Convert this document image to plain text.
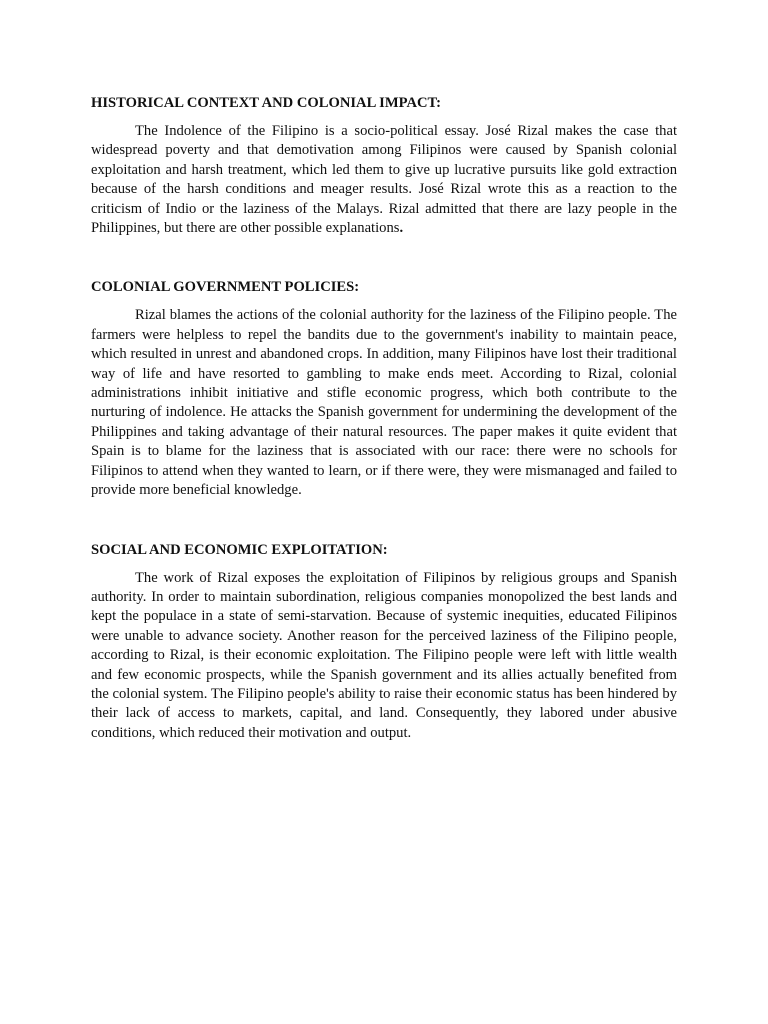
HISTORICAL CONTEXT AND COLONIAL IMPACT:

The Indolence of the Filipino is a socio-political essay. José Rizal makes the case that widespread poverty and that demotivation among Filipinos were caused by Spanish colonial exploitation and harsh treatment, which led them to give up lucrative pursuits like gold extraction because of the harsh conditions and meager results. José Rizal wrote this as a reaction to the criticism of Indio or the laziness of the Malays. Rizal admitted that there are lazy people in the Philippines, but there are other possible explanations.

COLONIAL GOVERNMENT POLICIES:

Rizal blames the actions of the colonial authority for the laziness of the Filipino people. The farmers were helpless to repel the bandits due to the government's inability to maintain peace, which resulted in unrest and abandoned crops. In addition, many Filipinos have lost their traditional way of life and have resorted to gambling to make ends meet. According to Rizal, colonial administrations inhibit initiative and stifle economic progress, which both contribute to the nurturing of indolence. He attacks the Spanish government for undermining the development of the Philippines and taking advantage of their natural resources. The paper makes it quite evident that Spain is to blame for the laziness that is associated with our race: there were no schools for Filipinos to attend when they wanted to learn, or if there were, they were mismanaged and failed to provide more beneficial knowledge.

SOCIAL AND ECONOMIC EXPLOITATION:

The work of Rizal exposes the exploitation of Filipinos by religious groups and Spanish authority. In order to maintain subordination, religious companies monopolized the best lands and kept the populace in a state of semi-starvation. Because of systemic inequities, educated Filipinos were unable to advance society. Another reason for the perceived laziness of the Filipino people, according to Rizal, is their economic exploitation. The Filipino people were left with little wealth and few economic prospects, while the Spanish government and its allies actually benefited from the colonial system. The Filipino people's ability to raise their economic status has been hindered by their lack of access to markets, capital, and land. Consequently, they labored under abusive conditions, which reduced their motivation and output.
